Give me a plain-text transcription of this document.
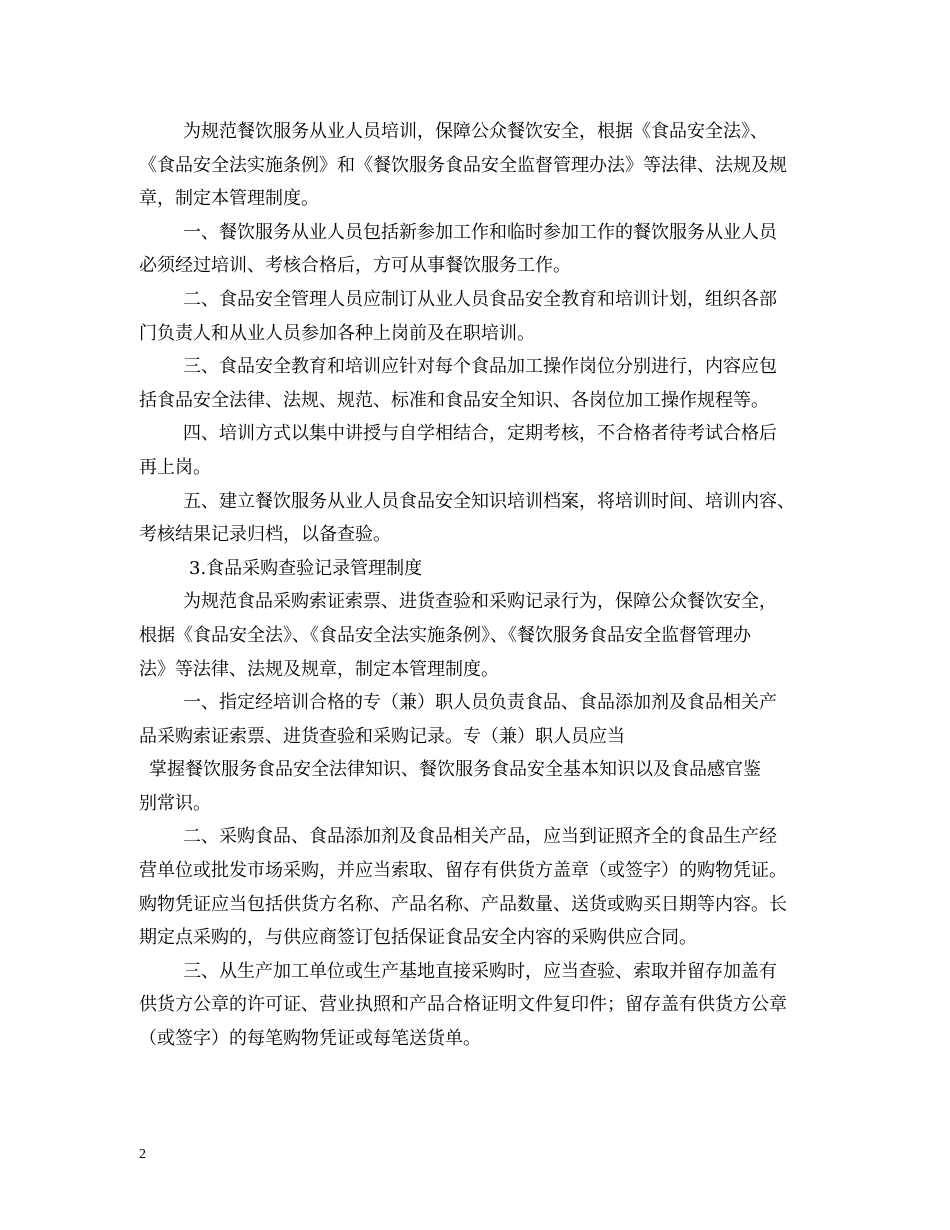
为规范餐饮服务从业人员培训，保障公众餐饮安全，根据《食品安全法》、
《食品安全法实施条例》和《餐饮服务食品安全监督管理办法》等法律、法规及规
章，制定本管理制度。
一、餐饮服务从业人员包括新参加工作和临时参加工作的餐饮服务从业人员
必须经过培训、考核合格后，方可从事餐饮服务工作。
二、食品安全管理人员应制订从业人员食品安全教育和培训计划，组织各部
门负责人和从业人员参加各种上岗前及在职培训。
三、食品安全教育和培训应针对每个食品加工操作岗位分别进行，内容应包
括食品安全法律、法规、规范、标准和食品安全知识、各岗位加工操作规程等。
四、培训方式以集中讲授与自学相结合，定期考核，不合格者待考试合格后
再上岗。
五、建立餐饮服务从业人员食品安全知识培训档案，将培训时间、培训内容、
考核结果记录归档，以备查验。
3.食品采购查验记录管理制度
为规范食品采购索证索票、进货查验和采购记录行为，保障公众餐饮安全，
根据《食品安全法》、《食品安全法实施条例》、《餐饮服务食品安全监督管理办
法》等法律、法规及规章，制定本管理制度。
一、指定经培训合格的专（兼）职人员负责食品、食品添加剂及食品相关产
品采购索证索票、进货查验和采购记录。专（兼）职人员应当
掌握餐饮服务食品安全法律知识、餐饮服务食品安全基本知识以及食品感官鉴
别常识。
二、采购食品、食品添加剂及食品相关产品，应当到证照齐全的食品生产经
营单位或批发市场采购，并应当索取、留存有供货方盖章（或签字）的购物凭证。
购物凭证应当包括供货方名称、产品名称、产品数量、送货或购买日期等内容。长
期定点采购的，与供应商签订包括保证食品安全内容的采购供应合同。
三、从生产加工单位或生产基地直接采购时，应当查验、索取并留存加盖有
供货方公章的许可证、营业执照和产品合格证明文件复印件；留存盖有供货方公章
（或签字）的每笔购物凭证或每笔送货单。
2
